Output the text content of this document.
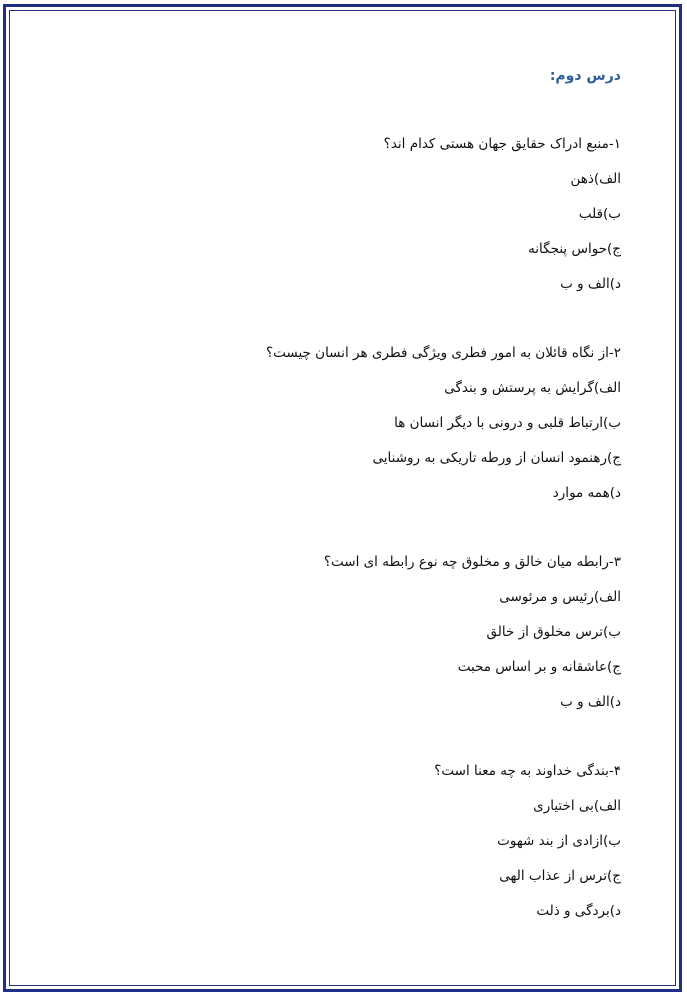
درس دوم:
۱-منبع ادراک حقایق جهان هستی کدام اند؟
الف)ذهن
ب)قلب
ج)حواس پنجگانه
د)الف و ب
۲-از نگاه قائلان به امور فطری ویژگی فطری هر انسان چیست؟
الف)گرایش به پرستش و بندگی
ب)ارتباط قلبی و درونی با دیگر انسان ها
ج)رهنمود انسان از ورطه تاریکی به روشنایی
د)همه موارد
۳-رابطه میان خالق و مخلوق چه نوع رابطه ای است؟
الف)رئیس و مرئوسی
ب)ترس مخلوق از خالق
ج)عاشقانه و بر اساس محبت
د)الف و ب
۴-بندگی خداوند به چه معنا است؟
الف)بی اختیاری
ب)ازادی از بند شهوت
ج)ترس از عذاب الهی
د)بردگی و ذلت
